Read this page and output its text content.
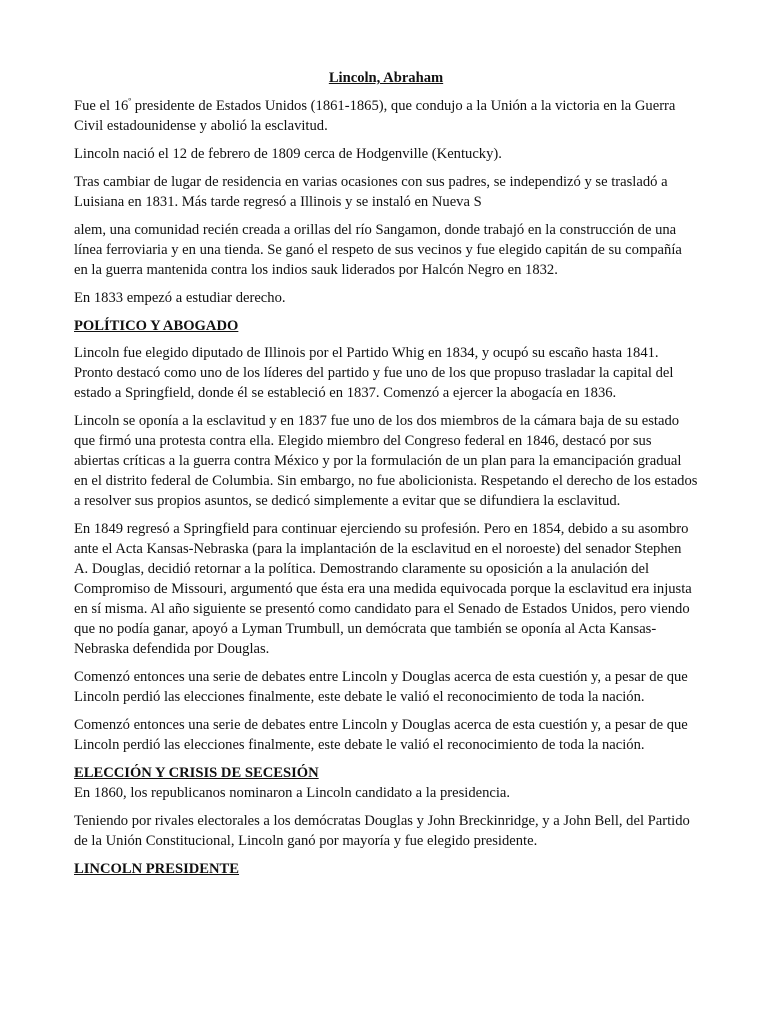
Lincoln, Abraham

Fue el $16^º$ presidente de Estados Unidos (1861-1865), que condujo a la Unión a la victoria en la Guerra Civil estadounidense y abolió la esclavitud.

Lincoln nació el 12 de febrero de 1809 cerca de Hodgenville (Kentucky).

Tras cambiar de lugar de residencia en varias ocasiones con sus padres, se independizó y se trasladó a Luisiana en 1831. Más tarde regresó a Illinois y se instaló en Nueva S

alem, una comunidad recién creada a orillas del río Sangamon, donde trabajó en la construcción de una línea ferroviaria y en una tienda. Se ganó el respeto de sus vecinos y fue elegido capitán de su compañía en la guerra mantenida contra los indios sauk liderados por Halcón Negro en 1832.

En 1833 empezó a estudiar derecho.

POLÍTICO Y ABOGADO

Lincoln fue elegido diputado de Illinois por el Partido Whig en 1834, y ocupó su escaño hasta 1841. Pronto destacó como uno de los líderes del partido y fue uno de los que propuso trasladar la capital del estado a Springfield, donde él se estableció en 1837. Comenzó a ejercer la abogacía en 1836.

Lincoln se oponía a la esclavitud y en 1837 fue uno de los dos miembros de la cámara baja de su estado que firmó una protesta contra ella. Elegido miembro del Congreso federal en 1846, destacó por sus abiertas críticas a la guerra contra México y por la formulación de un plan para la emancipación gradual en el distrito federal de Columbia. Sin embargo, no fue abolicionista. Respetando el derecho de los estados a resolver sus propios asuntos, se dedicó simplemente a evitar que se difundiera la esclavitud.

En 1849 regresó a Springfield para continuar ejerciendo su profesión. Pero en 1854, debido a su asombro ante el Acta Kansas-Nebraska (para la implantación de la esclavitud en el noroeste) del senador Stephen A. Douglas, decidió retornar a la política. Demostrando claramente su oposición a la anulación del Compromiso de Missouri, argumentó que ésta era una medida equivocada porque la esclavitud era injusta en sí misma. Al año siguiente se presentó como candidato para el Senado de Estados Unidos, pero viendo que no podía ganar, apoyó a Lyman Trumbull, un demócrata que también se oponía al Acta Kansas-Nebraska defendida por Douglas.

Comenzó entonces una serie de debates entre Lincoln y Douglas acerca de esta cuestión y, a pesar de que Lincoln perdió las elecciones finalmente, este debate le valió el reconocimiento de toda la nación.

Comenzó entonces una serie de debates entre Lincoln y Douglas acerca de esta cuestión y, a pesar de que Lincoln perdió las elecciones finalmente, este debate le valió el reconocimiento de toda la nación.

ELECCIÓN Y CRISIS DE SECESIÓN

En 1860, los republicanos nominaron a Lincoln candidato a la presidencia.

Teniendo por rivales electorales a los demócratas Douglas y John Breckinridge, y a John Bell, del Partido de la Unión Constitucional, Lincoln ganó por mayoría y fue elegido presidente.

LINCOLN PRESIDENTE
